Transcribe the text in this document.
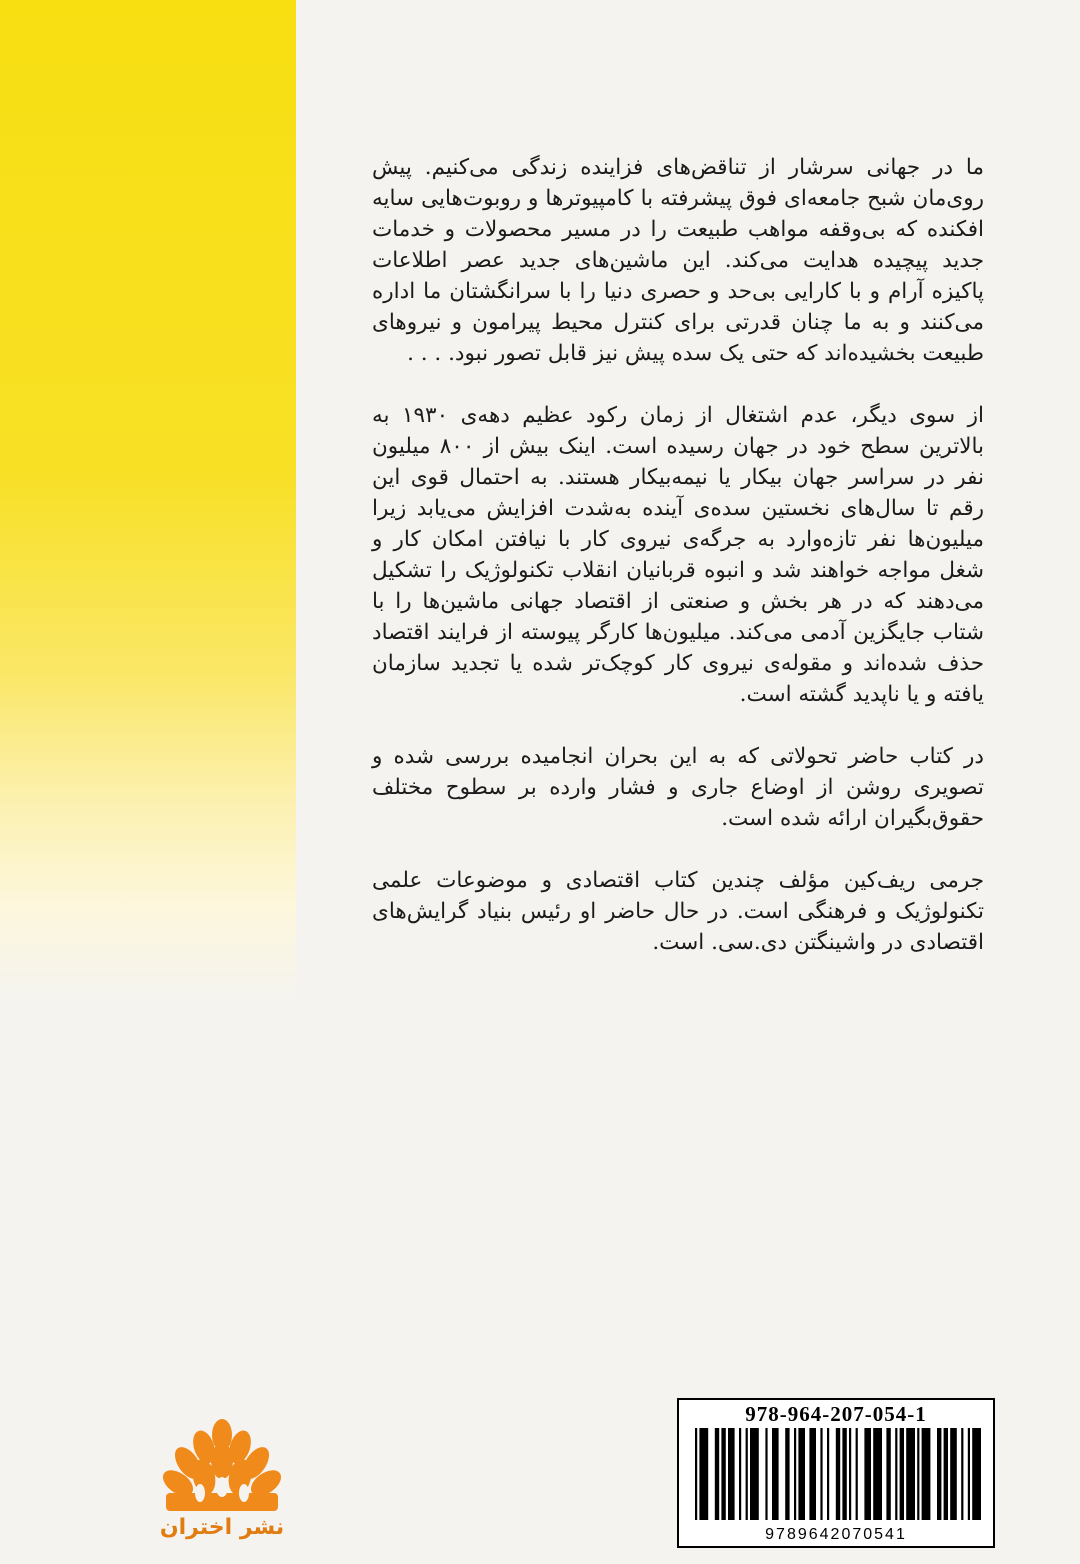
ما در جهانی سرشار از تناقض‌های فزاینده زندگی می‌کنیم. پیش روی‌مان شبح جامعه‌ای فوق پیشرفته با کامپیوترها و روبوت‌هایی سایه افکنده که بی‌وقفه مواهب طبیعت را در مسیر محصولات و خدمات جدید پیچیده هدایت می‌کند. این ماشین‌های جدید عصر اطلاعات پاکیزه آرام و با کارایی بی‌حد و حصری دنیا را با سرانگشتان ما اداره می‌کنند و به ما چنان قدرتی برای کنترل محیط پیرامون و نیروهای طبیعت بخشیده‌اند که حتی یک سده پیش نیز قابل تصور نبود. . . .

از سوی دیگر، عدم اشتغال از زمان رکود عظیم دهه‌ی ۱۹۳۰ به بالاترین سطح خود در جهان رسیده است. اینک بیش از ۸۰۰ میلیون نفر در سراسر جهان بیکار یا نیمه‌بیکار هستند. به احتمال قوی این رقم تا سال‌های نخستین سده‌ی آینده به‌شدت افزایش می‌یابد زیرا میلیون‌ها نفر تازه‌وارد به جرگه‌ی نیروی کار با نیافتن امکان کار و شغل مواجه خواهند شد و انبوه قربانیان انقلاب تکنولوژیک را تشکیل می‌دهند که در هر بخش و صنعتی از اقتصاد جهانی ماشین‌ها را با شتاب جایگزین آدمی می‌کند. میلیون‌ها کارگر پیوسته از فرایند اقتصاد حذف شده‌اند و مقوله‌ی نیروی کار کوچک‌تر شده یا تجدید سازمان یافته و یا ناپدید گشته است.

در کتاب حاضر تحولاتی که به این بحران انجامیده بررسی شده و تصویری روشن از اوضاع جاری و فشار وارده بر سطوح مختلف حقوق‌بگیران ارائه شده است.

جرمی ریف‌کین مؤلف چندین کتاب اقتصادی و موضوعات علمی تکنولوژیک و فرهنگی است. در حال حاضر او رئیس بنیاد گرایش‌های اقتصادی در واشینگتن دی.سی. است.

نشر اختران
978-964-207-054-1
9789642070541
